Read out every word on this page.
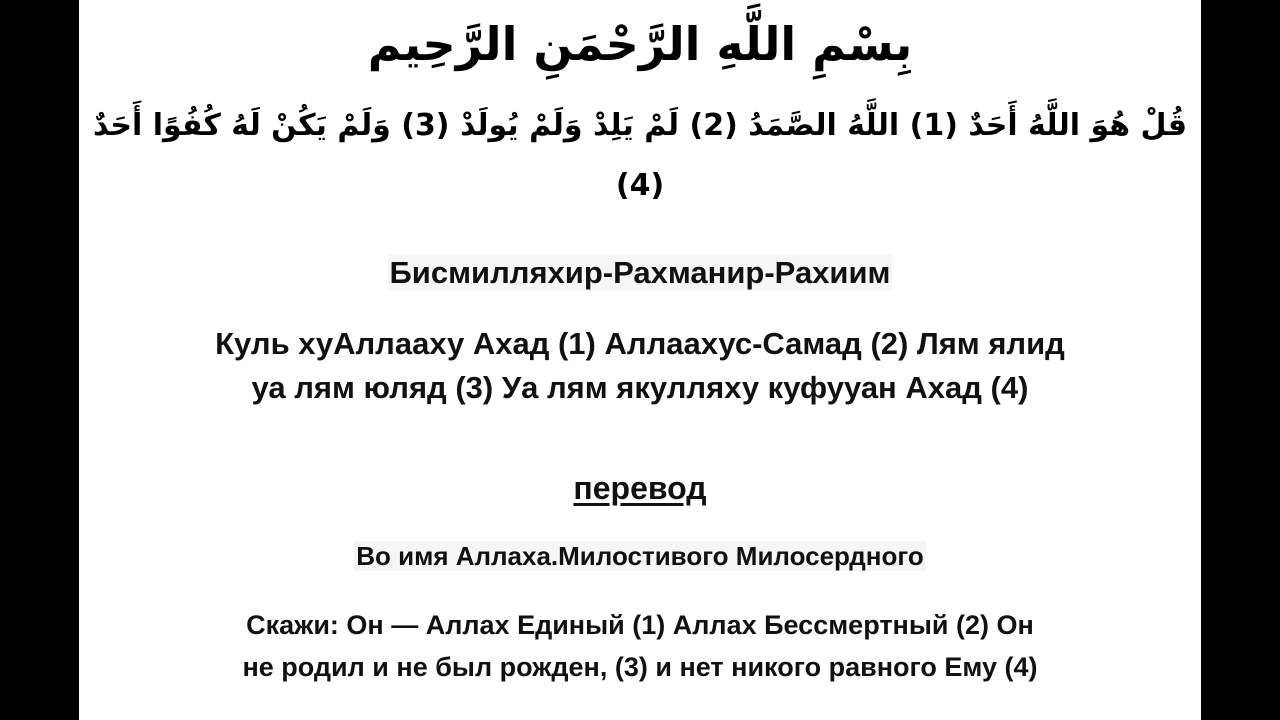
بِسْمِ اللَّهِ الرَّحْمَنِ الرَّحِيم
قُلْ هُوَ اللَّهُ أَحَدٌ (1) اللَّهُ الصَّمَدُ (2) لَمْ يَلِدْ وَلَمْ يُولَدْ (3) وَلَمْ يَكُنْ لَهُ كُفُوًا أَحَدٌ (4)
Бисмилляхир-Рахманир-Рахиим
Куль хуАллааху Ахад (1) Аллаахус-Самад (2) Лям ялид
уа лям юляд (3) Уа лям якулляху куфууан Ахад (4)
перевод
Во имя Аллаха.Милостивого Милосердного
Скажи: Он — Аллах Единый (1) Аллах Бессмертный (2) Он
не родил и не был рожден, (3) и нет никого равного Ему (4)
